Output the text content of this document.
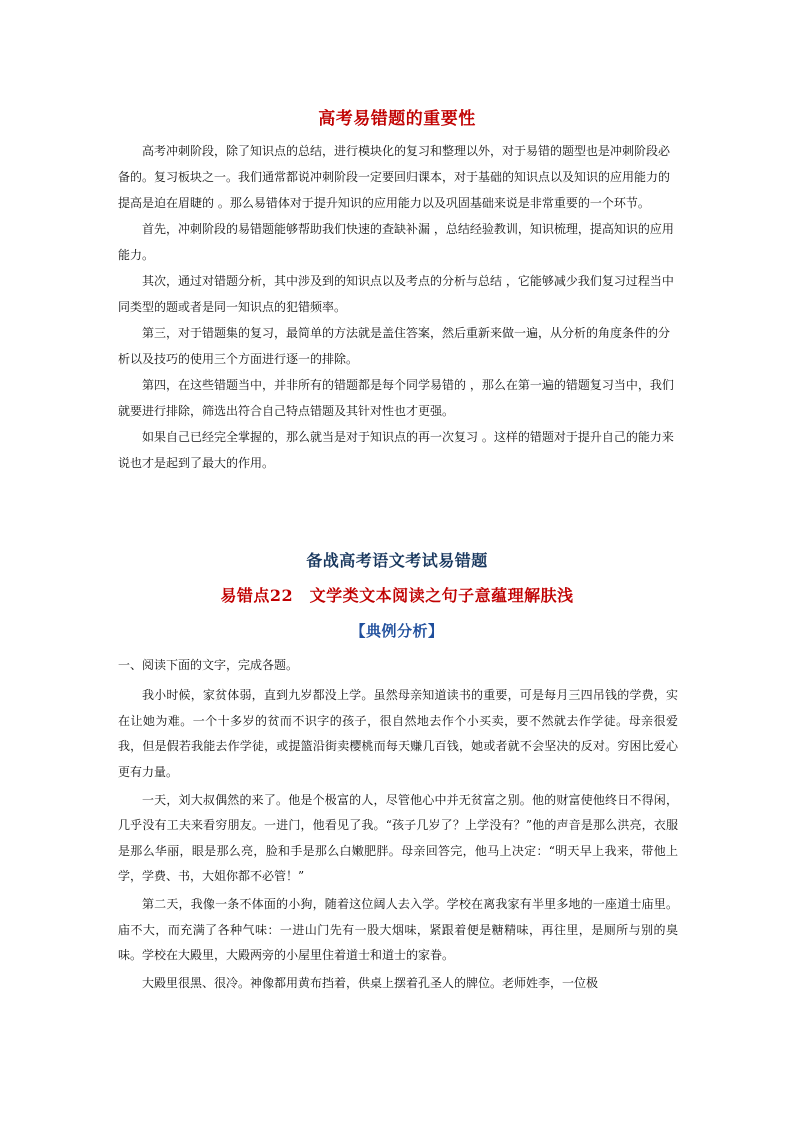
高考易错题的重要性

高考冲刺阶段，除了知识点的总结，进行模块化的复习和整理以外，对于易错的题型也是冲刺阶段必备的。复习板块之一。我们通常都说冲刺阶段一定要回归课本，对于基础的知识点以及知识的应用能力的提高是迫在眉睫的 。那么易错体对于提升知识的应用能力以及巩固基础来说是非常重要的一个环节。

首先，冲刺阶段的易错题能够帮助我们快速的查缺补漏 ，总结经验教训，知识梳理，提高知识的应用能力。

其次，通过对错题分析，其中涉及到的知识点以及考点的分析与总结 ，它能够减少我们复习过程当中同类型的题或者是同一知识点的犯错频率。

第三，对于错题集的复习，最简单的方法就是盖住答案，然后重新来做一遍，从分析的角度条件的分析以及技巧的使用三个方面进行逐一的排除。

第四，在这些错题当中，并非所有的错题都是每个同学易错的 ，那么在第一遍的错题复习当中，我们就要进行排除，筛选出符合自己特点错题及其针对性也才更强。

如果自己已经完全掌握的，那么就当是对于知识点的再一次复习 。这样的错题对于提升自己的能力来说也才是起到了最大的作用。

备战高考语文考试易错题
易错点22　文学类文本阅读之句子意蕴理解肤浅
【典例分析】

一、阅读下面的文字，完成各题。

我小时候，家贫体弱，直到九岁都没上学。虽然母亲知道读书的重要，可是每月三四吊钱的学费，实在让她为难。一个十多岁的贫而不识字的孩子，很自然地去作个小买卖，要不然就去作学徒。母亲很爱我，但是假若我能去作学徒，或提篮沿街卖樱桃而每天赚几百钱，她或者就不会坚决的反对。穷困比爱心更有力量。

一天，刘大叔偶然的来了。他是个极富的人，尽管他心中并无贫富之别。他的财富使他终日不得闲，几乎没有工夫来看穷朋友。一进门，他看见了我。“孩子几岁了？上学没有？”他的声音是那么洪亮，衣服是那么华丽，眼是那么亮，脸和手是那么白嫩肥胖。母亲回答完，他马上决定：“明天早上我来，带他上学，学费、书，大姐你都不必管！”

第二天，我像一条不体面的小狗，随着这位阔人去入学。学校在离我家有半里多地的一座道士庙里。庙不大，而充满了各种气味：一进山门先有一股大烟味，紧跟着便是糖精味，再往里，是厕所与别的臭味。学校在大殿里，大殿两旁的小屋里住着道士和道士的家眷。

大殿里很黑、很冷。神像都用黄布挡着，供桌上摆着孔圣人的牌位。老师姓李，一位极
